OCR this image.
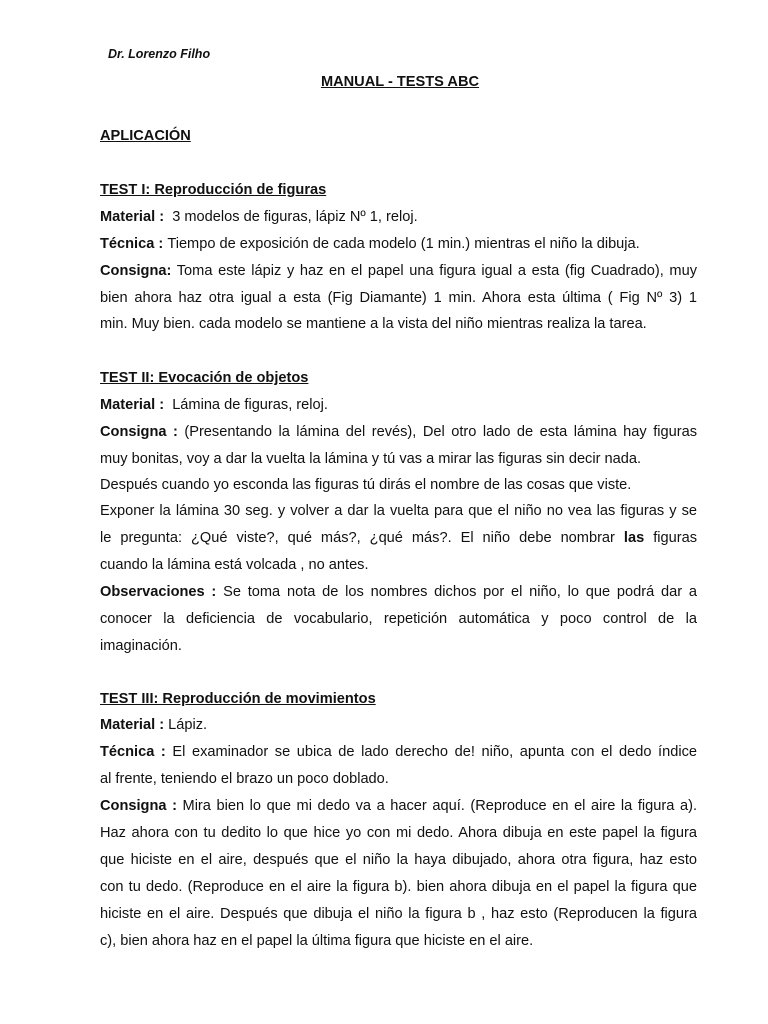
Dr. Lorenzo Filho
MANUAL - TESTS ABC
APLICACIÓN
TEST I: Reproducción de figuras
Material : 3 modelos de figuras, lápiz Nº 1, reloj.
Técnica : Tiempo de exposición de cada modelo (1 min.) mientras el niño la dibuja.
Consigna: Toma este lápiz y haz en el papel una figura igual a esta (fig Cuadrado), muy
bien ahora haz otra igual a esta (Fig Diamante) 1 min. Ahora esta última ( Fig Nº 3) 1
min. Muy bien. cada modelo se mantiene a la vista del niño mientras realiza la tarea.
TEST II: Evocación de objetos
Material : Lámina de figuras, reloj.
Consigna : (Presentando la lámina del revés), Del otro lado de esta lámina hay figuras
muy bonitas, voy a dar la vuelta la lámina y tú vas a mirar las figuras sin decir nada.
Después cuando yo esconda las figuras tú dirás el nombre de las cosas que viste.
Exponer la lámina 30 seg. y volver a dar la vuelta para que el niño no vea las figuras y se
le pregunta: ¿Qué viste?, qué más?, ¿qué más?. El niño debe nombrar las figuras
cuando la lámina está volcada , no antes.
Observaciones : Se toma nota de los nombres dichos por el niño, lo que podrá dar a
conocer la deficiencia de vocabulario, repetición automática y poco control de la
imaginación.
TEST III: Reproducción de movimientos
Material : Lápiz.
Técnica : El examinador se ubica de lado derecho de! niño, apunta con el dedo índice
al frente, teniendo el brazo un poco doblado.
Consigna : Mira bien lo que mi dedo va a hacer aquí. (Reproduce en el aire la figura a).
Haz ahora con tu dedito lo que hice yo con mi dedo. Ahora dibuja en este papel la figura
que hiciste en el aire, después que el niño la haya dibujado, ahora otra figura, haz esto
con tu dedo. (Reproduce en el aire la figura b). bien ahora dibuja en el papel la figura que
hiciste en el aire. Después que dibuja el niño la figura b , haz esto (Reproducen la figura
c), bien ahora haz en el papel la última figura que hiciste en el aire.
